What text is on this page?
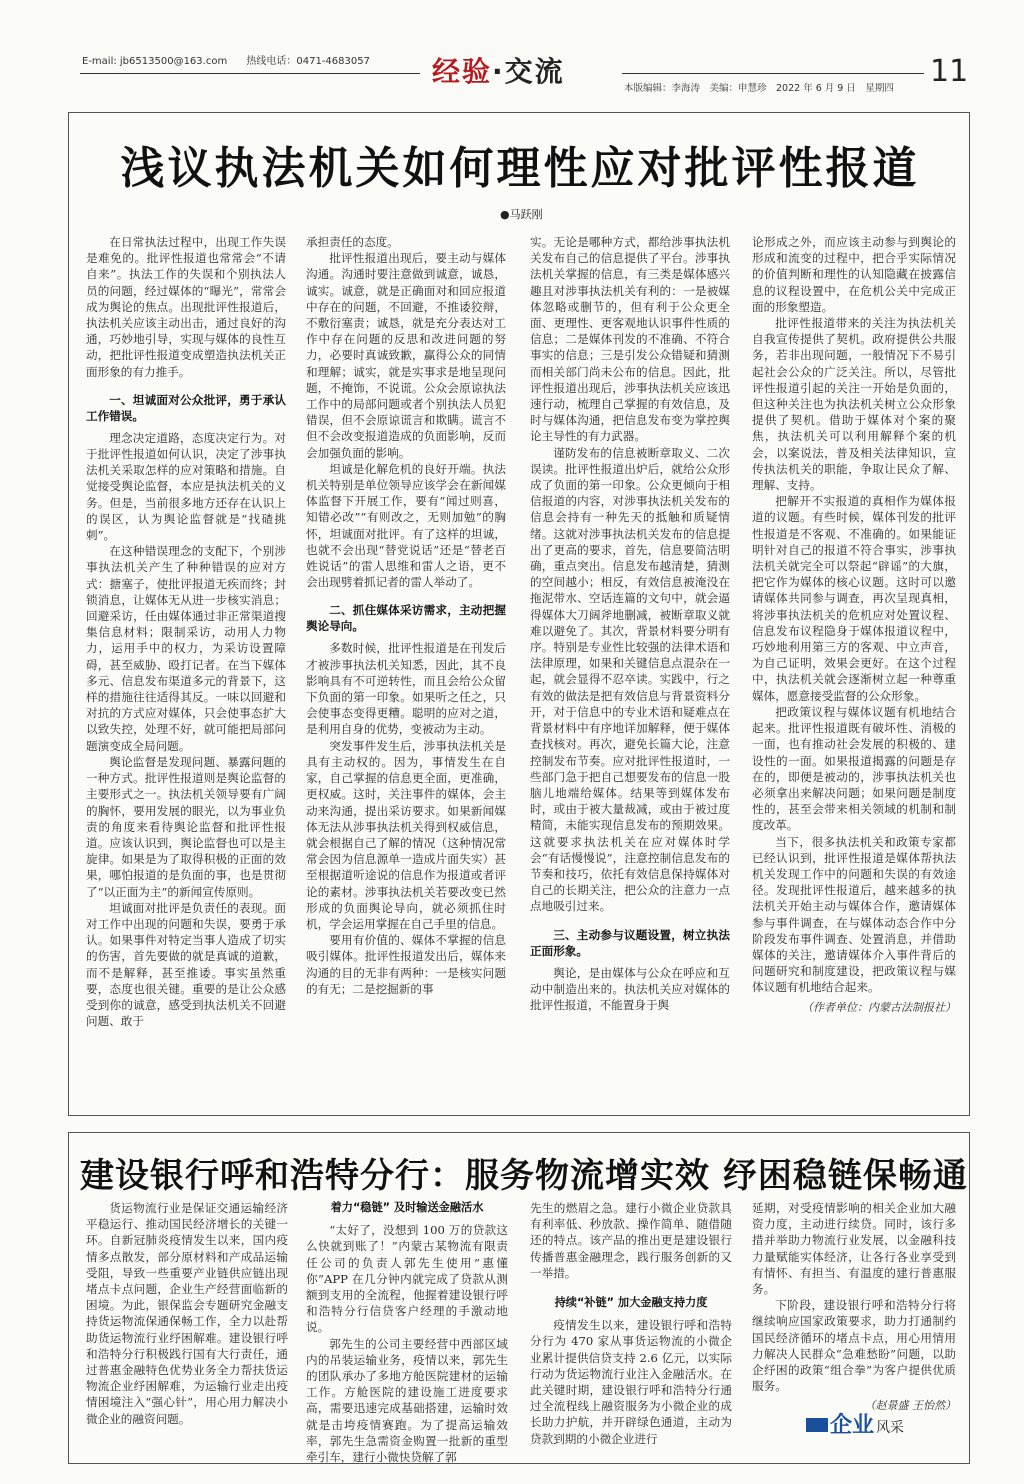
E-mail: jb6513500@163.com 热线电话：0471-4683057	经验·交流
本版编辑：李海涛　美编：申慧珍　2022 年 6 月 9 日　星期四 11
浅议执法机关如何理性应对批评性报道
●马跃刚

在日常执法过程中，出现工作失误是难免的。批评性报道也常常会“不请自来”。执法工作的失误和个别执法人员的问题，经过媒体的“曝光”，常常会成为舆论的焦点。出现批评性报道后，执法机关应该主动出击，通过良好的沟通，巧妙地引导，实现与媒体的良性互动，把批评性报道变成塑造执法机关正面形象的有力推手。

一、坦诚面对公众批评，勇于承认工作错误。

理念决定道路，态度决定行为。对于批评性报道如何认识，决定了涉事执法机关采取怎样的应对策略和措施。自觉接受舆论监督，本应是执法机关的义务。但是，当前很多地方还存在认识上的误区，认为舆论监督就是“找碴挑刺”。

在这种错误理念的支配下，个别涉事执法机关产生了种种错误的应对方式：搪塞子，使批评报道无疾而终；封锁消息，让媒体无从进一步核实消息；回避采访，任由媒体通过非正常渠道搜集信息材料；限制采访，动用人力物力，运用手中的权力，为采访设置障碍，甚至威胁、殴打记者。在当下媒体多元、信息发布渠道多元的背景下，这样的措施往往适得其反。一味以回避和对抗的方式应对媒体，只会使事态扩大以致失控，处理不好，就可能把局部问题演变成全局问题。

舆论监督是发现问题、暴露问题的一种方式。批评性报道则是舆论监督的主要形式之一。执法机关领导要有广阔的胸怀，要用发展的眼光，以为事业负责的角度来看待舆论监督和批评性报道。应该认识到，舆论监督也可以是主旋律。如果是为了取得积极的正面的效果，哪怕报道的是负面的事，也是贯彻了“以正面为主”的新闻宣传原则。

坦诚面对批评是负责任的表现。面对工作中出现的问题和失误，要勇于承认。如果事件对特定当事人造成了切实的伤害，首先要做的就是真诚的道歉，而不是解释，甚至推诿。事实虽然重要，态度也很关键。重要的是让公众感受到你的诚意，感受到执法机关不回避问题、敢于

承担责任的态度。

批评性报道出现后，要主动与媒体沟通。沟通时要注意做到诚意，诚恳，诚实。诚意，就是正确面对和回应报道中存在的问题，不回避，不推诿狡辩，不敷衍塞责；诚恳，就是充分表达对工作中存在问题的反思和改进问题的努力，必要时真诚致歉，赢得公众的同情和理解；诚实，就是实事求是地呈现问题，不掩饰，不说谎。公众会原谅执法工作中的局部问题或者个别执法人员犯错误，但不会原谅谎言和欺瞒。谎言不但不会改变报道造成的负面影响，反而会加强负面的影响。

坦诚是化解危机的良好开端。执法机关特别是单位领导应该学会在新闻媒体监督下开展工作，要有“闻过则喜，知错必改”“有则改之，无则加勉”的胸怀，坦诚面对批评。有了这样的坦诚，也就不会出现“替党说话”还是“替老百姓说话”的雷人思维和雷人之语，更不会出现劈着抓记者的雷人举动了。

二、抓住媒体采访需求，主动把握舆论导向。

多数时候，批评性报道是在刊发后才被涉事执法机关知悉，因此，其不良影响具有不可逆转性，而且会给公众留下负面的第一印象。如果听之任之，只会使事态变得更糟。聪明的应对之道，是利用自身的优势，变被动为主动。

突发事件发生后，涉事执法机关是具有主动权的。因为，事情发生在自家，自己掌握的信息更全面，更准确，更权威。这时，关注事件的媒体，会主动来沟通，提出采访要求。如果新闻媒体无法从涉事执法机关得到权威信息，就会根据自己了解的情况（这种情况常常会因为信息源单一造成片面失实）甚至根据道听途说的信息作为报道或者评论的素材。涉事执法机关若要改变已然形成的负面舆论导向，就必须抓住时机，学会运用掌握在自己手里的信息。

要用有价值的、媒体不掌握的信息吸引媒体。批评性报道发出后，媒体来沟通的目的无非有两种：一是核实问题的有无；二是挖掘新的事

实。无论是哪种方式，都给涉事执法机关发布自己的信息提供了平台。涉事执法机关掌握的信息，有三类是媒体感兴趣且对涉事执法机关有利的：一是被媒体忽略或删节的，但有利于公众更全面、更理性、更客观地认识事件性质的信息；二是媒体刊发的不准确、不符合事实的信息；三是引发公众错疑和猜测而相关部门尚未公布的信息。因此，批评性报道出现后，涉事执法机关应该迅速行动，梳理自己掌握的有效信息，及时与媒体沟通，把信息发布变为掌控舆论主导性的有力武器。

谨防发布的信息被断章取义、二次误读。批评性报道出炉后，就给公众形成了负面的第一印象。公众更倾向于相信报道的内容，对涉事执法机关发布的信息会持有一种先天的抵触和质疑情绪。这就对涉事执法机关发布的信息提出了更高的要求，首先，信息要简洁明确，重点突出。信息发布越清楚，猜测的空间越小；相反，有效信息被淹没在拖泥带水、空话连篇的文句中，就会逼得媒体大刀阔斧地删减，被断章取义就难以避免了。其次，背景材料要分明有序。特别是专业性比较强的法律术语和法律原理，如果和关键信息点混杂在一起，就会显得不忍卒读。实践中，行之有效的做法是把有效信息与背景资料分开，对于信息中的专业术语和疑难点在背景材料中有序地详加解释，便于媒体查找核对。再次，避免长篇大论，注意控制发布节奏。应对批评性报道时，一些部门急于把自己想要发布的信息一股脑儿地端给媒体。结果等到媒体发布时，或由于被大量裁减，或由于被过度精简，未能实现信息发布的预期效果。这就要求执法机关在应对媒体时学会“有话慢慢说”，注意控制信息发布的节奏和技巧，依托有效信息保持媒体对自己的长期关注，把公众的注意力一点点地吸引过来。

三、主动参与议题设置，树立执法正面形象。

舆论，是由媒体与公众在呼应和互动中制造出来的。执法机关应对媒体的批评性报道，不能置身于舆

论形成之外，而应该主动参与到舆论的形成和流变的过程中，把合乎实际情况的价值判断和理性的认知隐藏在披露信息的议程设置中，在危机公关中完成正面的形象塑造。

批评性报道带来的关注为执法机关自我宣传提供了契机。政府提供公共服务，若非出现问题，一般情况下不易引起社会公众的广泛关注。所以，尽管批评性报道引起的关注一开始是负面的，但这种关注也为执法机关树立公众形象提供了契机。借助于媒体对个案的聚焦，执法机关可以利用解释个案的机会，以案说法，普及相关法律知识，宣传执法机关的职能，争取让民众了解、理解、支持。

把解开不实报道的真相作为媒体报道的议题。有些时候，媒体刊发的批评性报道是不客观、不准确的。如果能证明针对自己的报道不符合事实，涉事执法机关就完全可以祭起“辟谣”的大旗，把它作为媒体的核心议题。这时可以邀请媒体共同参与调查，再次呈现真相，将涉事执法机关的危机应对处置议程、信息发布议程隐身于媒体报道议程中，巧妙地利用第三方的客观、中立声音，为自己证明，效果会更好。在这个过程中，执法机关就会逐渐树立起一种尊重媒体，愿意接受监督的公众形象。

把政策议程与媒体议题有机地结合起来。批评性报道既有破坏性、消极的一面，也有推动社会发展的积极的、建设性的一面。如果报道揭露的问题是存在的，即便是被动的，涉事执法机关也必须拿出来解决问题；如果问题是制度性的，甚至会带来相关领域的机制和制度改革。

当下，很多执法机关和政策专家都已经认识到，批评性报道是媒体帮执法机关发现工作中的问题和失误的有效途径。发现批评性报道后，越来越多的执法机关开始主动与媒体合作，邀请媒体参与事件调查，在与媒体动态合作中分阶段发布事件调查、处置消息，并借助媒体的关注，邀请媒体介入事件背后的问题研究和制度建设，把政策议程与媒体议题有机地结合起来。

（作者单位：内蒙古法制报社）

建设银行呼和浩特分行：服务物流增实效 纾困稳链保畅通

货运物流行业是保证交通运输经济平稳运行、推动国民经济增长的关键一环。自新冠肺炎疫情发生以来，国内疫情多点散发，部分原材料和产成品运输受阻，导致一些重要产业链供应链出现堵点卡点问题，企业生产经营面临新的困境。为此，银保监会专题研究金融支持货运物流保通保畅工作，全力以赴帮助货运物流行业纾困解难。建设银行呼和浩特分行积极践行国有大行责任，通过普惠金融特色优势业务全力帮扶货运物流企业纾困解难，为运输行业走出疫情困境注入“强心针”，用心用力解决小微企业的融资问题。

着力“稳链” 及时输送金融活水

“太好了，没想到 100 万的贷款这么快就到账了！”内蒙古某物流有限责任公司的负责人郭先生使用“惠懂你”APP 在几分钟内就完成了贷款从测额到支用的全流程，他握着建设银行呼和浩特分行信贷客户经理的手激动地说。

郭先生的公司主要经营中西部区域内的吊装运输业务，疫情以来，郭先生的团队承办了多地方舱医院建材的运输工作。方舱医院的建设施工进度要求高，需要迅速完成基础搭建，运输时效就是击垮疫情赛跑。为了提高运输效率，郭先生急需资金购置一批新的重型牵引车，建行小微快贷解了郭

先生的燃眉之急。建行小微企业贷款具有利率低、秒放款、操作简单、随借随还的特点。该产品的推出更是建设银行传播普惠金融理念，践行服务创新的又一举措。

持续“补链” 加大金融支持力度

疫情发生以来，建设银行呼和浩特分行为 470 家从事货运物流的小微企业累计提供信贷支持 2.6 亿元，以实际行动为货运物流行业注入金融活水。在此关键时期，建设银行呼和浩特分行通过全流程线上融资服务为小微企业的成长助力护航，并开辟绿色通道，主动为贷款到期的小微企业进行

延期，对受疫情影响的相关企业加大融资力度，主动进行续贷。同时，该行多措并举助力物流行业发展，以金融科技力量赋能实体经济，让各行各业享受到有情怀、有担当、有温度的建行普惠服务。

下阶段，建设银行呼和浩特分行将继续响应国家政策要求，助力打通制约国民经济循环的堵点卡点，用心用情用力解决人民群众“急难愁盼”问题，以助企纾困的政策“组合拳”为客户提供优质服务。

（赵景盛 王怡然）

企业 风采
